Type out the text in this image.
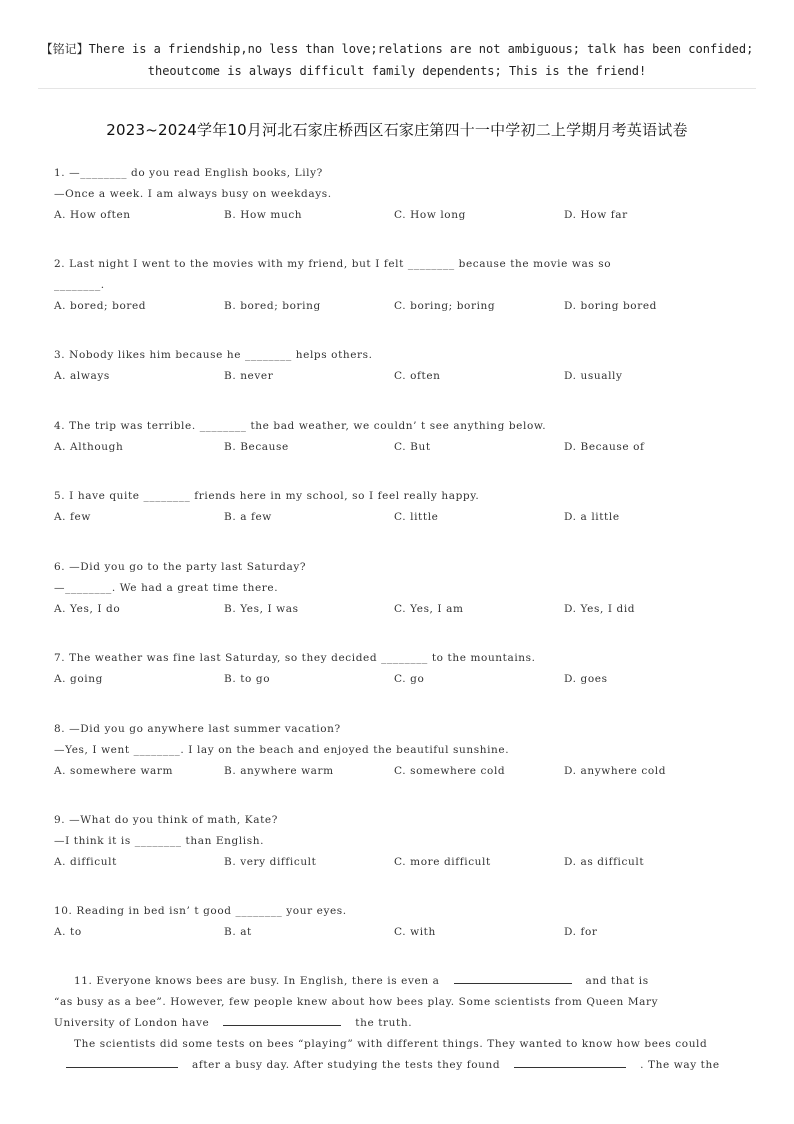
【铭记】There is a friendship,no less than love;relations are not ambiguous; talk has been confided;
theoutcome is always difficult family dependents; This is the friend!
2023~2024学年10月河北石家庄桥西区石家庄第四十一中学初二上学期月考英语试卷
1. —________ do you read English books, Lily?
—Once a week. I am always busy on weekdays.
A. How often	B. How much	C. How long	D. How far
2. Last night I went to the movies with my friend, but I felt ________ because the movie was so
________.
A. bored; bored	B. bored; boring	C. boring; boring	D. boring bored
3. Nobody likes him because he ________ helps others.
A. always	B. never	C. often	D. usually
4. The trip was terrible. ________ the bad weather, we couldn’ t see anything below.
A. Although	B. Because	C. But	D. Because of
5. I have quite ________ friends here in my school, so I feel really happy.
A. few	B. a few	C. little	D. a little
6. —Did you go to the party last Saturday?
—________. We had a great time there.
A. Yes, I do	B. Yes, I was	C. Yes, I am	D. Yes, I did
7. The weather was fine last Saturday, so they decided ________ to the mountains.
A. going	B. to go	C. go	D. goes
8. —Did you go anywhere last summer vacation?
—Yes, I went ________. I lay on the beach and enjoyed the beautiful sunshine.
A. somewhere warm	B. anywhere warm	C. somewhere cold	D. anywhere cold
9. —What do you think of math, Kate?
—I think it is ________ than English.
A. difficult	B. very difficult	C. more difficult	D. as difficult
10. Reading in bed isn’ t good ________ your eyes.
A. to	B. at	C. with	D. for
11. Everyone knows bees are busy. In English, there is even a	and that is
“as busy as a bee”. However, few people knew about how bees play. Some scientists from Queen Mary
University of London have	the truth.
The scientists did some tests on bees “playing” with different things. They wanted to know how bees could
after a busy day. After studying the tests they found	. The way the
